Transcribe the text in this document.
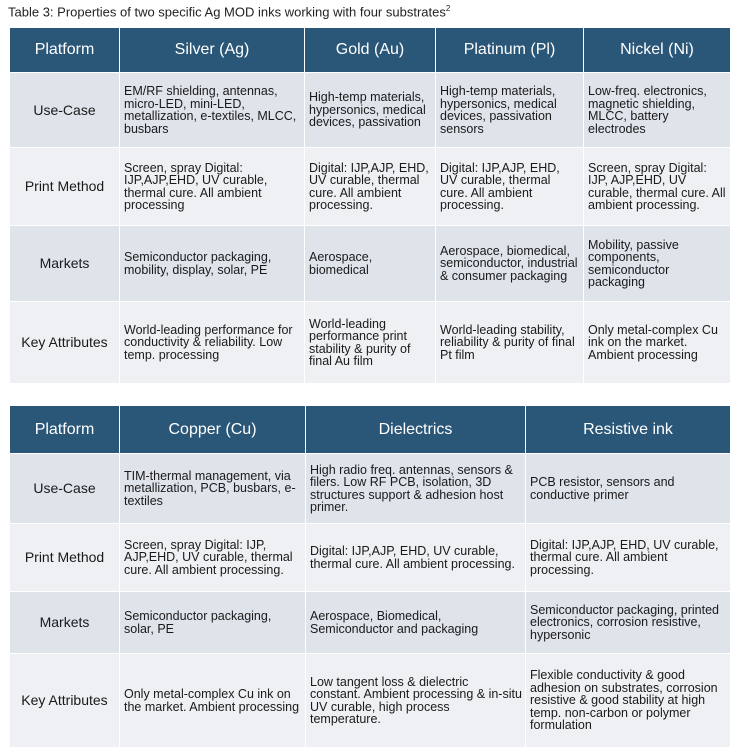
Table 3: Properties of two specific Ag MOD inks working with four substrates$^2$
Platform	Silver (Ag)	Gold (Au)	Platinum (Pl)	Nickel (Ni)
Use-Case	EM/RF shielding, antennas, micro-LED, mini-LED, metallization, e-textiles, MLCC, busbars	High-temp materials, hypersonics, medical devices, passivation	High-temp materials, hypersonics, medical devices, passivation sensors	Low-freq. electronics, magnetic shielding, MLCC, battery electrodes
Print Method	Screen, spray Digital: IJP,AJP,EHD, UV curable, thermal cure. All ambient processing	Digital: IJP,AJP, EHD, UV curable, thermal cure. All ambient processing.	Digital: IJP,AJP, EHD, UV curable, thermal cure. All ambient processing.	Screen, spray Digital: IJP, AJP,EHD, UV curable, thermal cure. All ambient processing.
Markets	Semiconductor packaging, mobility, display, solar, PE	Aerospace, biomedical	Aerospace, biomedical, semiconductor, industrial & consumer packaging	Mobility, passive components, semiconductor packaging
Key Attributes	World-leading performance for conductivity & reliability. Low temp. processing	World-leading performance print stability & purity of final Au film	World-leading stability, reliability & purity of final Pt film	Only metal-complex Cu ink on the market. Ambient processing
Platform	Copper (Cu)	Dielectrics	Resistive ink
Use-Case	TIM-thermal management, via metallization, PCB, busbars, e-textiles	High radio freq. antennas, sensors & filers. Low RF PCB, isolation, 3D structures support & adhesion host primer.	PCB resistor, sensors and conductive primer
Print Method	Screen, spray Digital: IJP, AJP,EHD, UV curable, thermal cure. All ambient processing.	Digital: IJP,AJP, EHD, UV curable, thermal cure. All ambient processing.	Digital: IJP,AJP, EHD, UV curable, thermal cure. All ambient processing.
Markets	Semiconductor packaging, solar, PE	Aerospace, Biomedical, Semiconductor and packaging	Semiconductor packaging, printed electronics, corrosion resistive, hypersonic
Key Attributes	Only metal-complex Cu ink on the market. Ambient processing	Low tangent loss & dielectric constant. Ambient processing & in-situ UV curable, high process temperature.	Flexible conductivity & good adhesion on substrates, corrosion resistive & good stability at high temp. non-carbon or polymer formulation
